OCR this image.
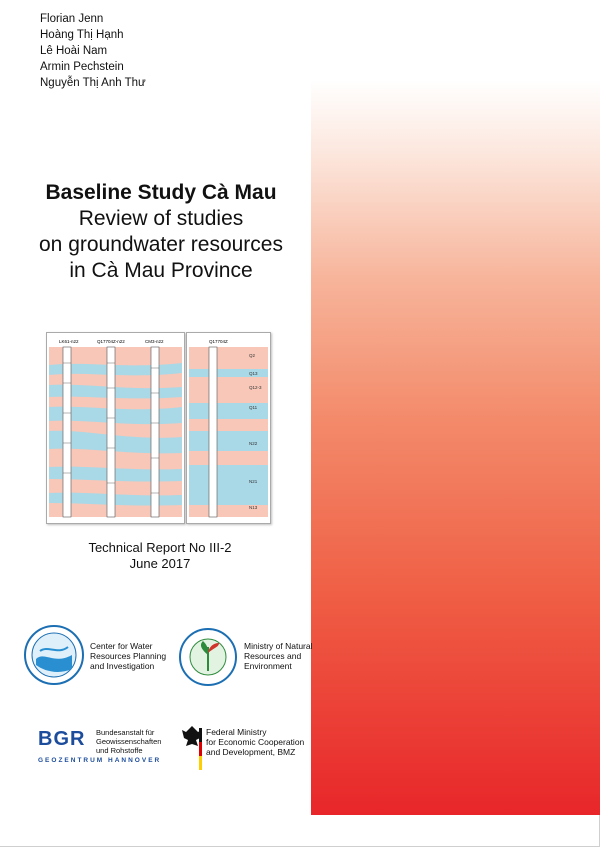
Florian Jenn
Hoàng Thị Hạnh
Lê Hoài Nam
Armin Pechstein
Nguyễn Thị Anh Thư
Baseline Study Cà Mau
Review of studies
on groundwater resources
in Cà Mau Province
LK61-n22	Q17704Z-n22	CM3-n22	Q17704Z
Q2
Q13
Q12-3
Q11
N22
N21
N13
Technical Report No III-2
June 2017
Center for Water
Resources Planning
and Investigation
Ministry of Natural
Resources and
Environment
BGR
GEOZENTRUM HANNOVER
Bundesanstalt für
Geowissenschaften
und Rohstoffe
Federal Ministry
for Economic Cooperation
and Development, BMZ
